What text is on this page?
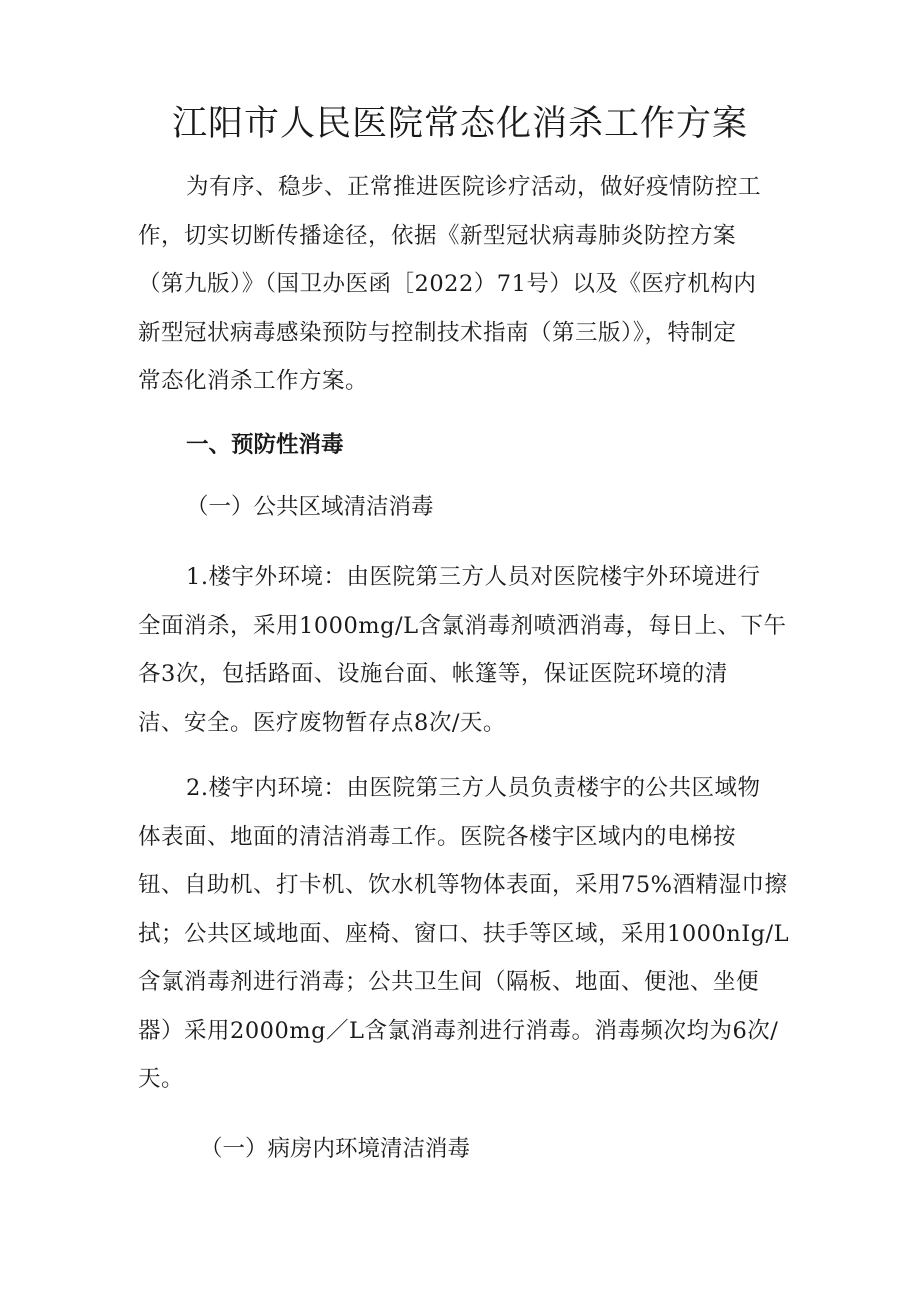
江阳市人民医院常态化消杀工作方案
为有序、稳步、正常推进医院诊疗活动，做好疫情防控工
作，切实切断传播途径，依据《新型冠状病毒肺炎防控方案
（第九版）》（国卫办医函［2022）71号）以及《医疗机构内
新型冠状病毒感染预防与控制技术指南（第三版）》，特制定
常态化消杀工作方案。
一、预防性消毒
（一）公共区域清洁消毒
1.楼宇外环境：由医院第三方人员对医院楼宇外环境进行
全面消杀，采用1000mg/L含氯消毒剂喷洒消毒，每日上、下午
各3次，包括路面、设施台面、帐篷等，保证医院环境的清
洁、安全。医疗废物暂存点8次/天。
2.楼宇内环境：由医院第三方人员负责楼宇的公共区域物
体表面、地面的清洁消毒工作。医院各楼宇区域内的电梯按
钮、自助机、打卡机、饮水机等物体表面，采用75%酒精湿巾擦
拭；公共区域地面、座椅、窗口、扶手等区域，采用1000nIg/L
含氯消毒剂进行消毒；公共卫生间（隔板、地面、便池、坐便
器）采用2000mg／L含氯消毒剂进行消毒。消毒频次均为6次/
天。
（一）病房内环境清洁消毒
